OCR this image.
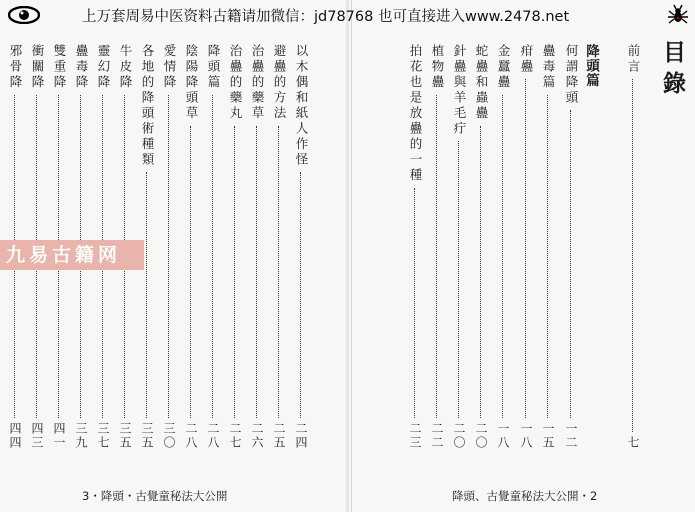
上万套周易中医资料古籍请加微信：jd78768 也可直接进入www.2478.net
目錄
前言
七
降頭篇
何謂降頭
一二
蠱毒篇
一五
疳蠱
一八
金蠶蠱
一八
蛇蠱和蟲蠱
二〇
針蠱與羊毛疔
二〇
植物蠱
二二
拍花也是放蠱的一種
二三
以木偶和紙人作怪
二四
避蠱的方法
二五
治蠱的藥草
二六
治蠱的藥丸
二七
降頭篇
二八
陰陽降頭草
二八
愛情降
三〇
各地的降頭術種類
三五
牛皮降
三五
靈幻降
三七
蠱毒降
三九
雙重降
四一
衝關降
四三
邪骨降
四四
九易古籍网
3・降頭・古覺童秘法大公開	降頭、古覺童秘法大公開・2
